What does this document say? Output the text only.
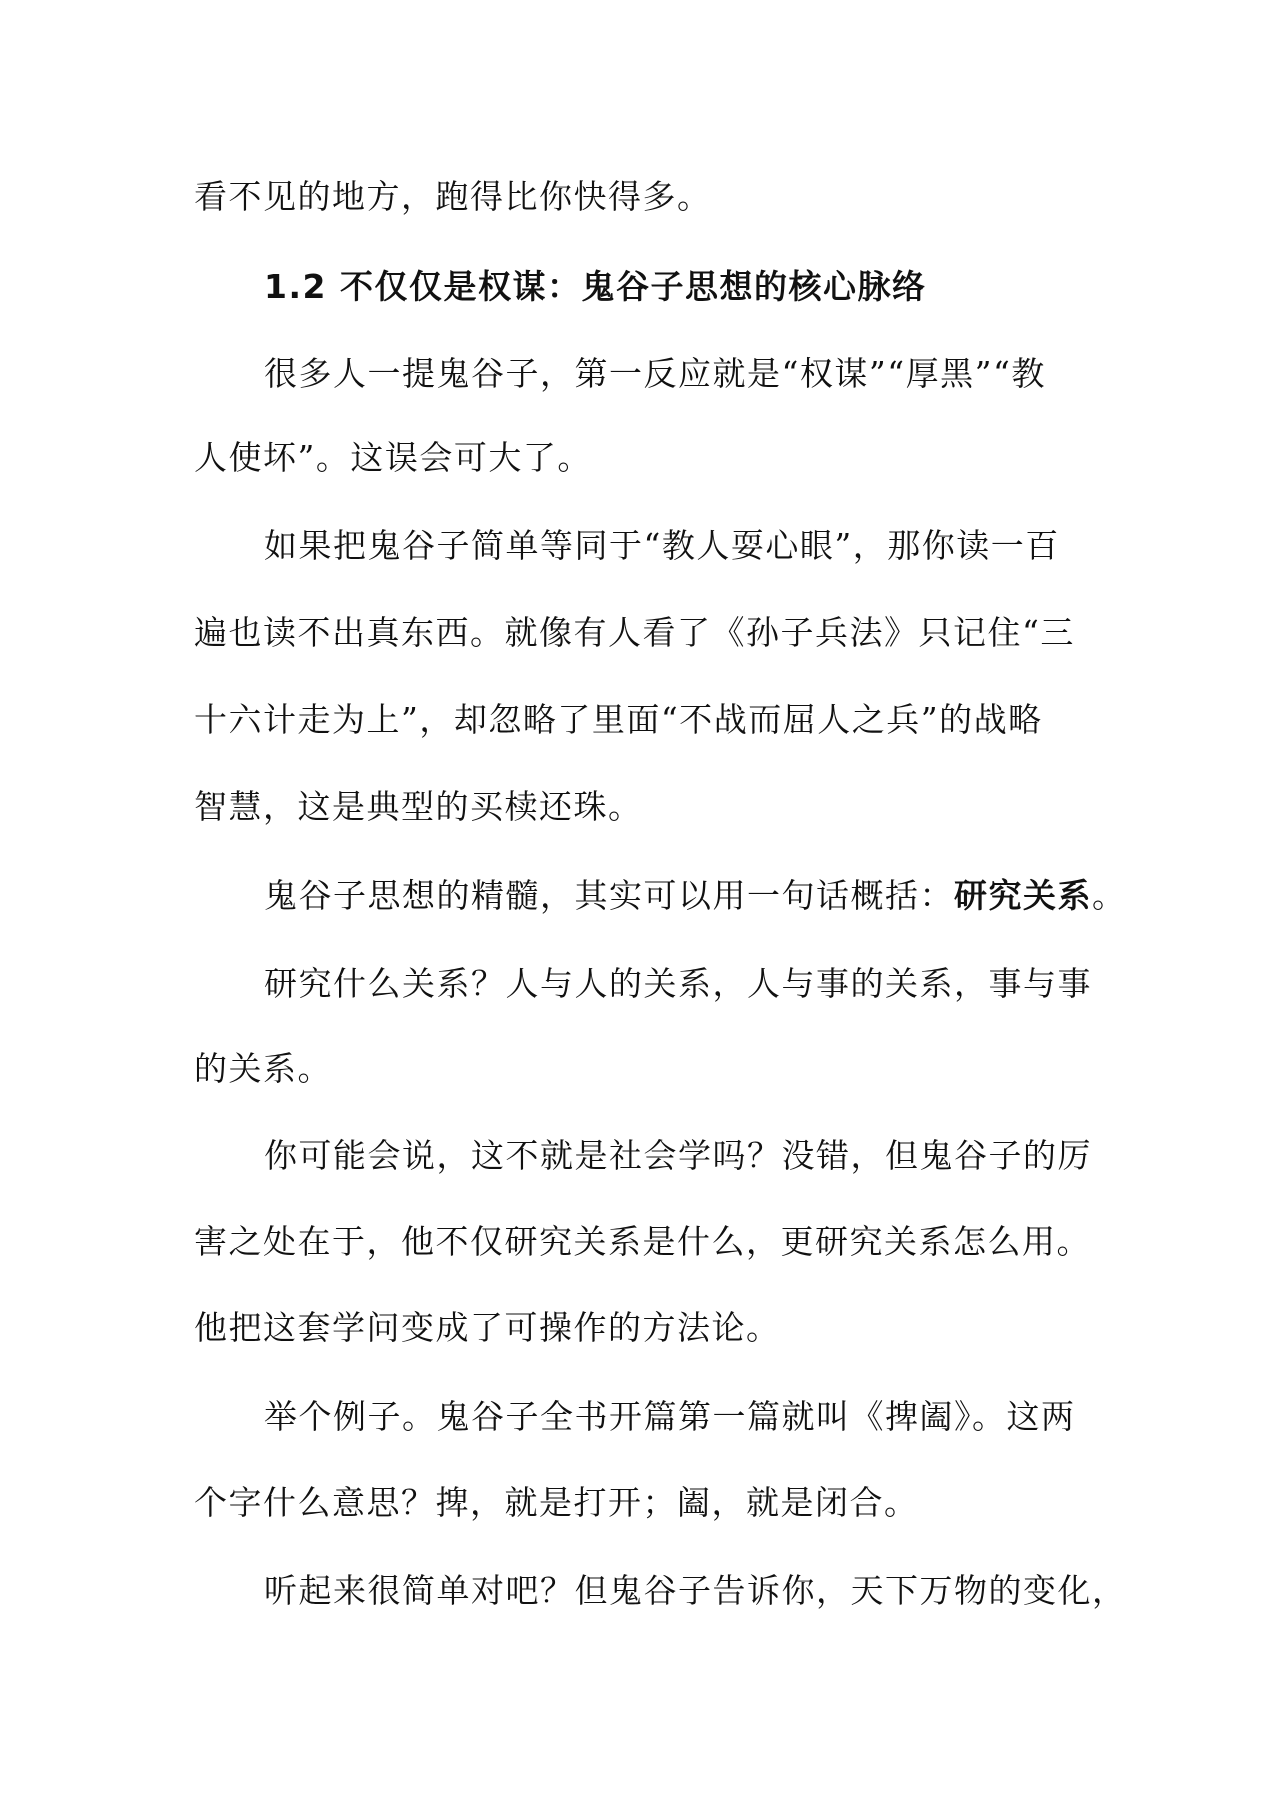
看不见的地方，跑得比你快得多。
1.2 不仅仅是权谋：鬼谷子思想的核心脉络
很多人一提鬼谷子，第一反应就是“权谋”“厚黑”“教
人使坏”。这误会可大了。
如果把鬼谷子简单等同于“教人耍心眼”，那你读一百
遍也读不出真东西。就像有人看了《孙子兵法》只记住“三
十六计走为上”，却忽略了里面“不战而屈人之兵”的战略
智慧，这是典型的买椟还珠。
鬼谷子思想的精髓，其实可以用一句话概括：研究关系。
研究什么关系？人与人的关系，人与事的关系，事与事
的关系。
你可能会说，这不就是社会学吗？没错，但鬼谷子的厉
害之处在于，他不仅研究关系是什么，更研究关系怎么用。
他把这套学问变成了可操作的方法论。
举个例子。鬼谷子全书开篇第一篇就叫《捭阖》。这两
个字什么意思？捭，就是打开；阖，就是闭合。
听起来很简单对吧？但鬼谷子告诉你，天下万物的变化，
